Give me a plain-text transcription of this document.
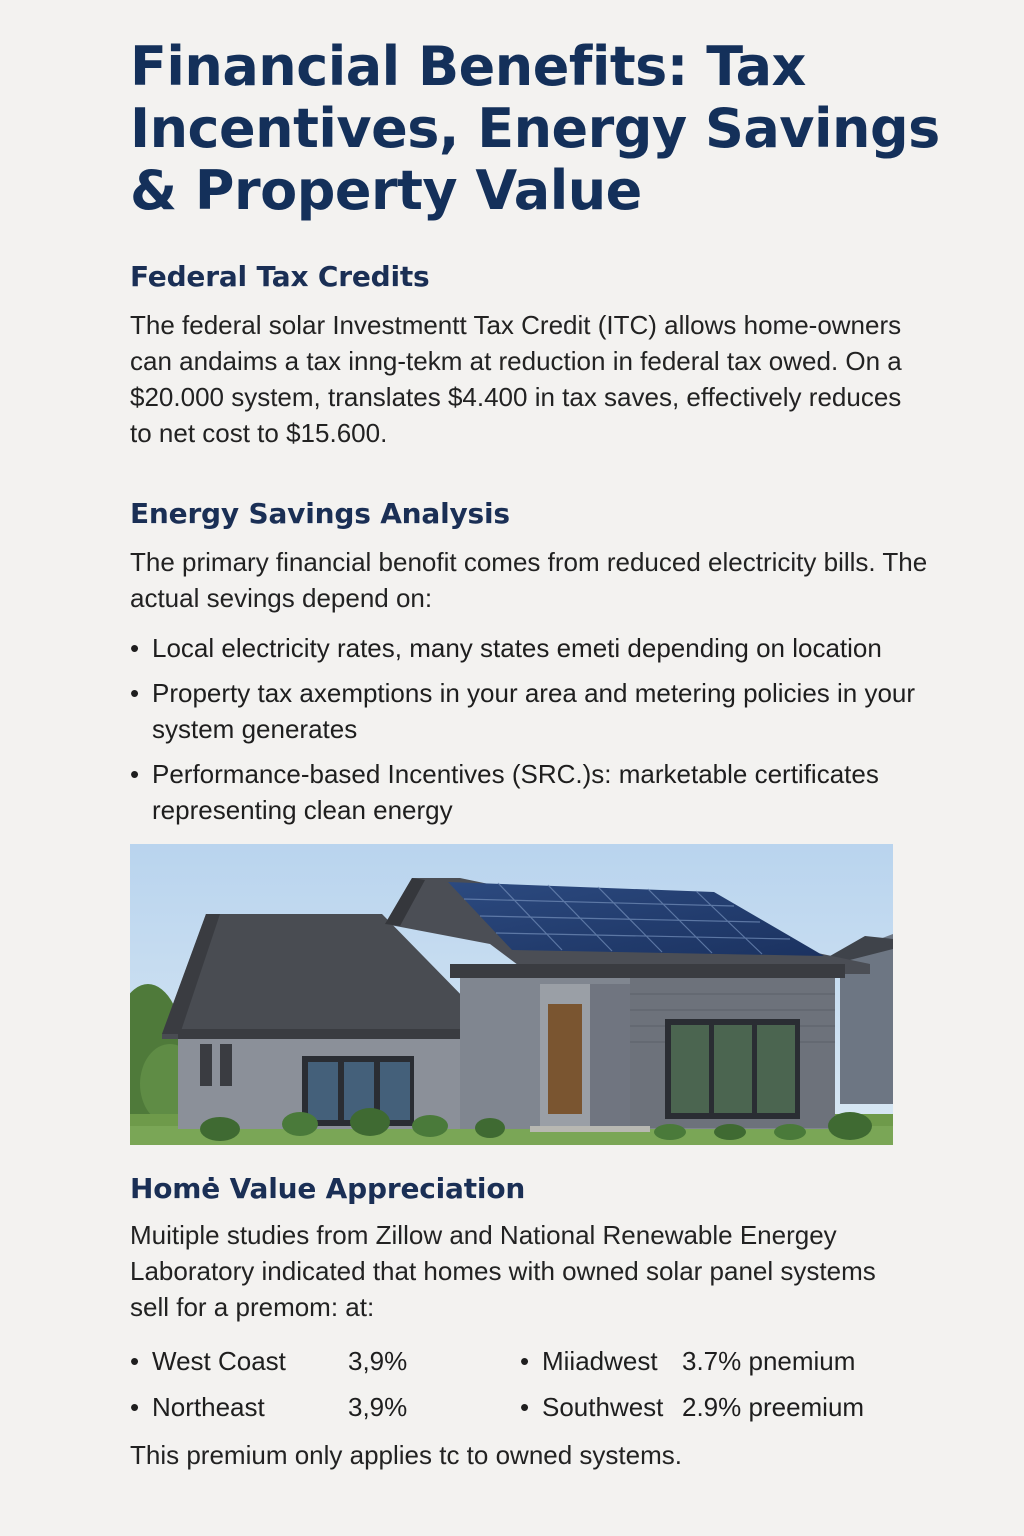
Financial Benefits: Tax Incentives, Energy Savings & Property Value
Federal Tax Credits

The federal solar Investmentt Tax Credit (ITC) allows home-owners can andaims a tax inng-tekm at reduction in federal tax owed. On a $20.000 system, translates $4.400 in tax saves, effectively reduces to net cost to $15.600.

Energy Savings Analysis

The primary financial benofit comes from reduced electricity bills. The actual sevings depend on:

• Local electricity rates, many states emeti depending on location
• Property tax axemptions in your area and metering policies in your system generates
• Performance-based Incentives (SRC.)s: marketable certificates representing clean energy
Homė Value Appreciation

Muitiple studies from Zillow and National Renewable Energey Laboratory indicated that homes with owned solar panel systems sell for a premom: at:

• West Coast	3,9%	• Miiadwest 3.7% pnemium
• Northeast	3,9%	• Southwest 2.9% preemium

This premium only applies tc to owned systems.
